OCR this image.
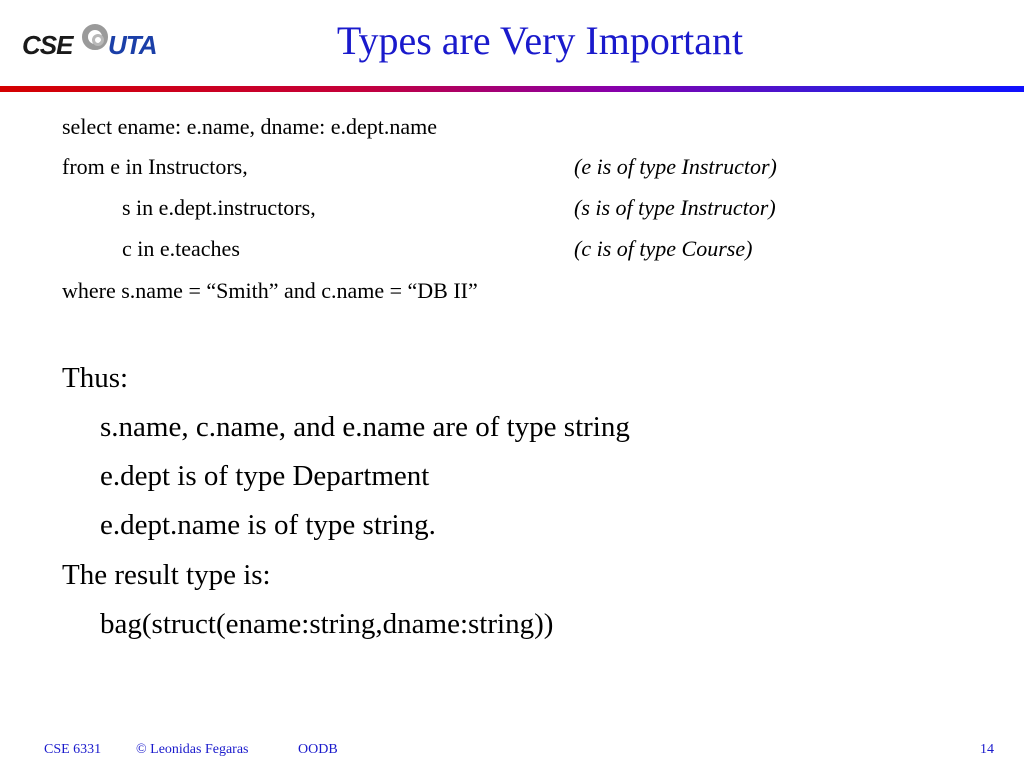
CSE UTA	Types are Very Important
select ename: e.name, dname: e.dept.name
from e in Instructors,	(e is of type Instructor)
s in e.dept.instructors,	(s is of type Instructor)
c in e.teaches	(c is of type Course)
where s.name = “Smith” and c.name = “DB II”
Thus:
s.name, c.name, and e.name are of type string
e.dept is of type Department
e.dept.name is of type string.
The result type is:
bag(struct(ename:string,dname:string))
CSE 6331 © Leonidas Fegaras	OODB	14
